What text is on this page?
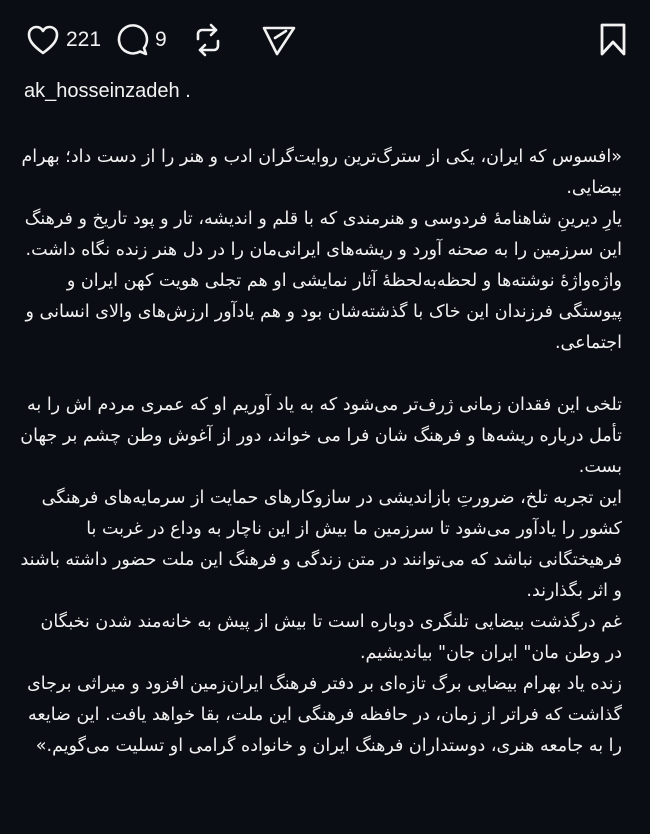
221	9
ak_hosseinzadeh .

«افسوس که ایران، یکی از سترگ‌ترین روایت‌گران ادب و هنر را از دست داد؛ بهرام بیضایی.

یارِ دیرینِ شاهنامهٔ فردوسی و هنرمندی که با قلم و اندیشه، تار و پود تاریخ و فرهنگ این سرزمین را به صحنه آورد و ریشه‌های ایرانی‌مان را در دل هنر زنده نگاه داشت.

واژه‌واژهٔ نوشته‌ها و لحظه‌به‌لحظهٔ آثار نمایشی او هم تجلی هویت کهن ایران و پیوستگی فرزندان این خاک با گذشته‌شان بود و هم یادآور ارزش‌های والای انسانی و اجتماعی.

تلخی این فقدان زمانی ژرف‌تر می‌شود که به یاد آوریم او که عمری مردم اش را به تأمل درباره ریشه‌ها و فرهنگ شان فرا می خواند، دور از آغوش وطن چشم بر جهان بست.

این تجربه تلخ، ضرورتِ بازاندیشی در سازوکارهای حمایت از سرمایه‌های فرهنگی کشور را یادآور می‌شود تا سرزمین ما بیش از این ناچار به وداع در غربت با فرهیختگانی نباشد که می‌توانند در متن زندگی و فرهنگ این ملت حضور داشته باشند و اثر بگذارند.

غم درگذشت بیضایی تلنگری دوباره است تا بیش از پیش به خانه‌مند شدن نخبگان در وطن مان" ایران جان" بیاندیشیم.

زنده یاد بهرام بیضایی برگ تازه‌ای بر دفتر فرهنگ ایران‌زمین افزود و میراثی برجای گذاشت که فراتر از زمان، در حافظه فرهنگی این ملت، بقا خواهد یافت. این ضایعه را به جامعه هنری، دوستداران فرهنگ ایران و خانواده گرامی او تسلیت می‌گویم.»
